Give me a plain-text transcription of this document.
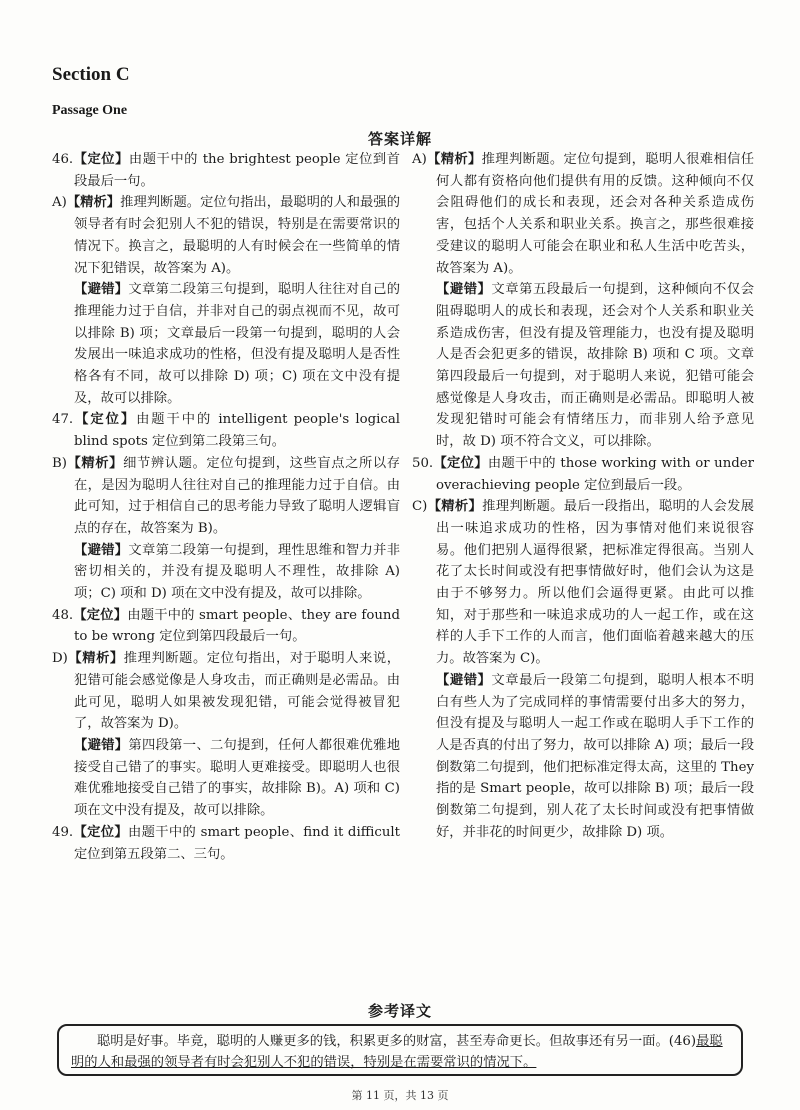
Section C
Passage One
答案详解

46.【定位】由题干中的 the brightest people 定位到首段最后一句。

A)【精析】推理判断题。定位句指出，最聪明的人和最强的领导者有时会犯别人不犯的错误，特别是在需要常识的情况下。换言之，最聪明的人有时候会在一些简单的情况下犯错误，故答案为 A)。

【避错】文章第二段第三句提到，聪明人往往对自己的推理能力过于自信，并非对自己的弱点视而不见，故可以排除 B) 项；文章最后一段第一句提到，聪明的人会发展出一味追求成功的性格，但没有提及聪明人是否性格各有不同，故可以排除 D) 项；C) 项在文中没有提及，故可以排除。

47.【定位】由题干中的 intelligent people's logical blind spots 定位到第二段第三句。

B)【精析】细节辨认题。定位句提到，这些盲点之所以存在，是因为聪明人往往对自己的推理能力过于自信。由此可知，过于相信自己的思考能力导致了聪明人逻辑盲点的存在，故答案为 B)。

【避错】文章第二段第一句提到，理性思维和智力并非密切相关的，并没有提及聪明人不理性，故排除 A) 项；C) 项和 D) 项在文中没有提及，故可以排除。

48.【定位】由题干中的 smart people、they are found to be wrong 定位到第四段最后一句。

D)【精析】推理判断题。定位句指出，对于聪明人来说，犯错可能会感觉像是人身攻击，而正确则是必需品。由此可见，聪明人如果被发现犯错，可能会觉得被冒犯了，故答案为 D)。

【避错】第四段第一、二句提到，任何人都很难优雅地接受自己错了的事实。聪明人更难接受。即聪明人也很难优雅地接受自己错了的事实，故排除 B)。A) 项和 C) 项在文中没有提及，故可以排除。

49.【定位】由题干中的 smart people、find it difficult 定位到第五段第二、三句。

A)【精析】推理判断题。定位句提到，聪明人很难相信任何人都有资格向他们提供有用的反馈。这种倾向不仅会阻碍他们的成长和表现，还会对各种关系造成伤害，包括个人关系和职业关系。换言之，那些很难接受建议的聪明人可能会在职业和私人生活中吃苦头，故答案为 A)。

【避错】文章第五段最后一句提到，这种倾向不仅会阻碍聪明人的成长和表现，还会对个人关系和职业关系造成伤害，但没有提及管理能力，也没有提及聪明人是否会犯更多的错误，故排除 B) 项和 C 项。文章第四段最后一句提到，对于聪明人来说，犯错可能会感觉像是人身攻击，而正确则是必需品。即聪明人被发现犯错时可能会有情绪压力，而非别人给予意见时，故 D) 项不符合文义，可以排除。

50.【定位】由题干中的 those working with or under overachieving people 定位到最后一段。

C)【精析】推理判断题。最后一段指出，聪明的人会发展出一味追求成功的性格，因为事情对他们来说很容易。他们把别人逼得很紧，把标准定得很高。当别人花了太长时间或没有把事情做好时，他们会认为这是由于不够努力。所以他们会逼得更紧。由此可以推知，对于那些和一味追求成功的人一起工作，或在这样的人手下工作的人而言，他们面临着越来越大的压力。故答案为 C)。

【避错】文章最后一段第二句提到，聪明人根本不明白有些人为了完成同样的事情需要付出多大的努力，但没有提及与聪明人一起工作或在聪明人手下工作的人是否真的付出了努力，故可以排除 A) 项；最后一段倒数第二句提到，他们把标准定得太高，这里的 They 指的是 Smart people，故可以排除 B) 项；最后一段倒数第二句提到，别人花了太长时间或没有把事情做好，并非花的时间更少，故排除 D) 项。

参考译文
聪明是好事。毕竟，聪明的人赚更多的钱，积累更多的财富，甚至寿命更长。但故事还有另一面。(46)最聪明的人和最强的领导者有时会犯别人不犯的错误，特别是在需要常识的情况下。
第 11 页，共 13 页
